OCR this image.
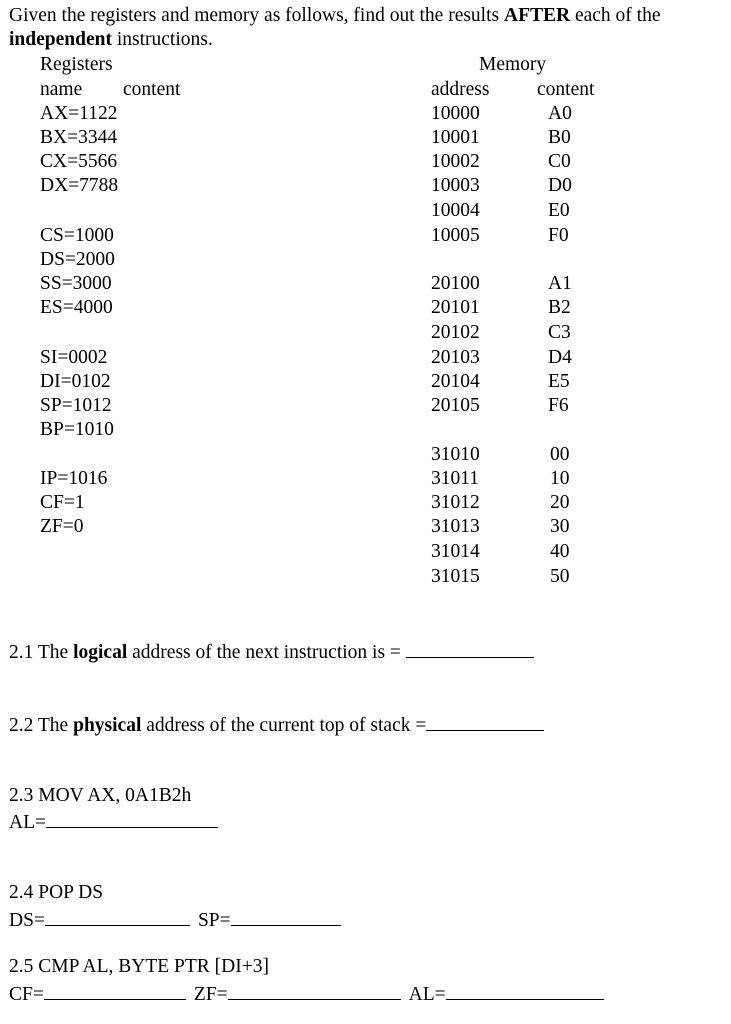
Given the registers and memory as follows, find out the results AFTER each of the
independent instructions.
Registers
name content
AX=1122
BX=3344
CX=5566
DX=7788
CS=1000
DS=2000
SS=3000
ES=4000
SI=0002
DI=0102
SP=1012
BP=1010
IP=1016
CF=1
ZF=0
Memory
address content
10000	A0
10001	B0
10002	C0
10003	D0
10004	E0
10005	F0
20100	A1
20101	B2
20102	C3
20103	D4
20104	E5
20105	F6
31010	00
31011	10
31012	20
31013	30
31014	40
31015	50
2.1 The logical address of the next instruction is =
2.2 The physical address of the current top of stack =
2.3 MOV AX, 0A1B2h
AL=
2.4 POP DS
DS=	SP=
2.5 CMP AL, BYTE PTR [DI+3]
CF=	ZF=	AL=
